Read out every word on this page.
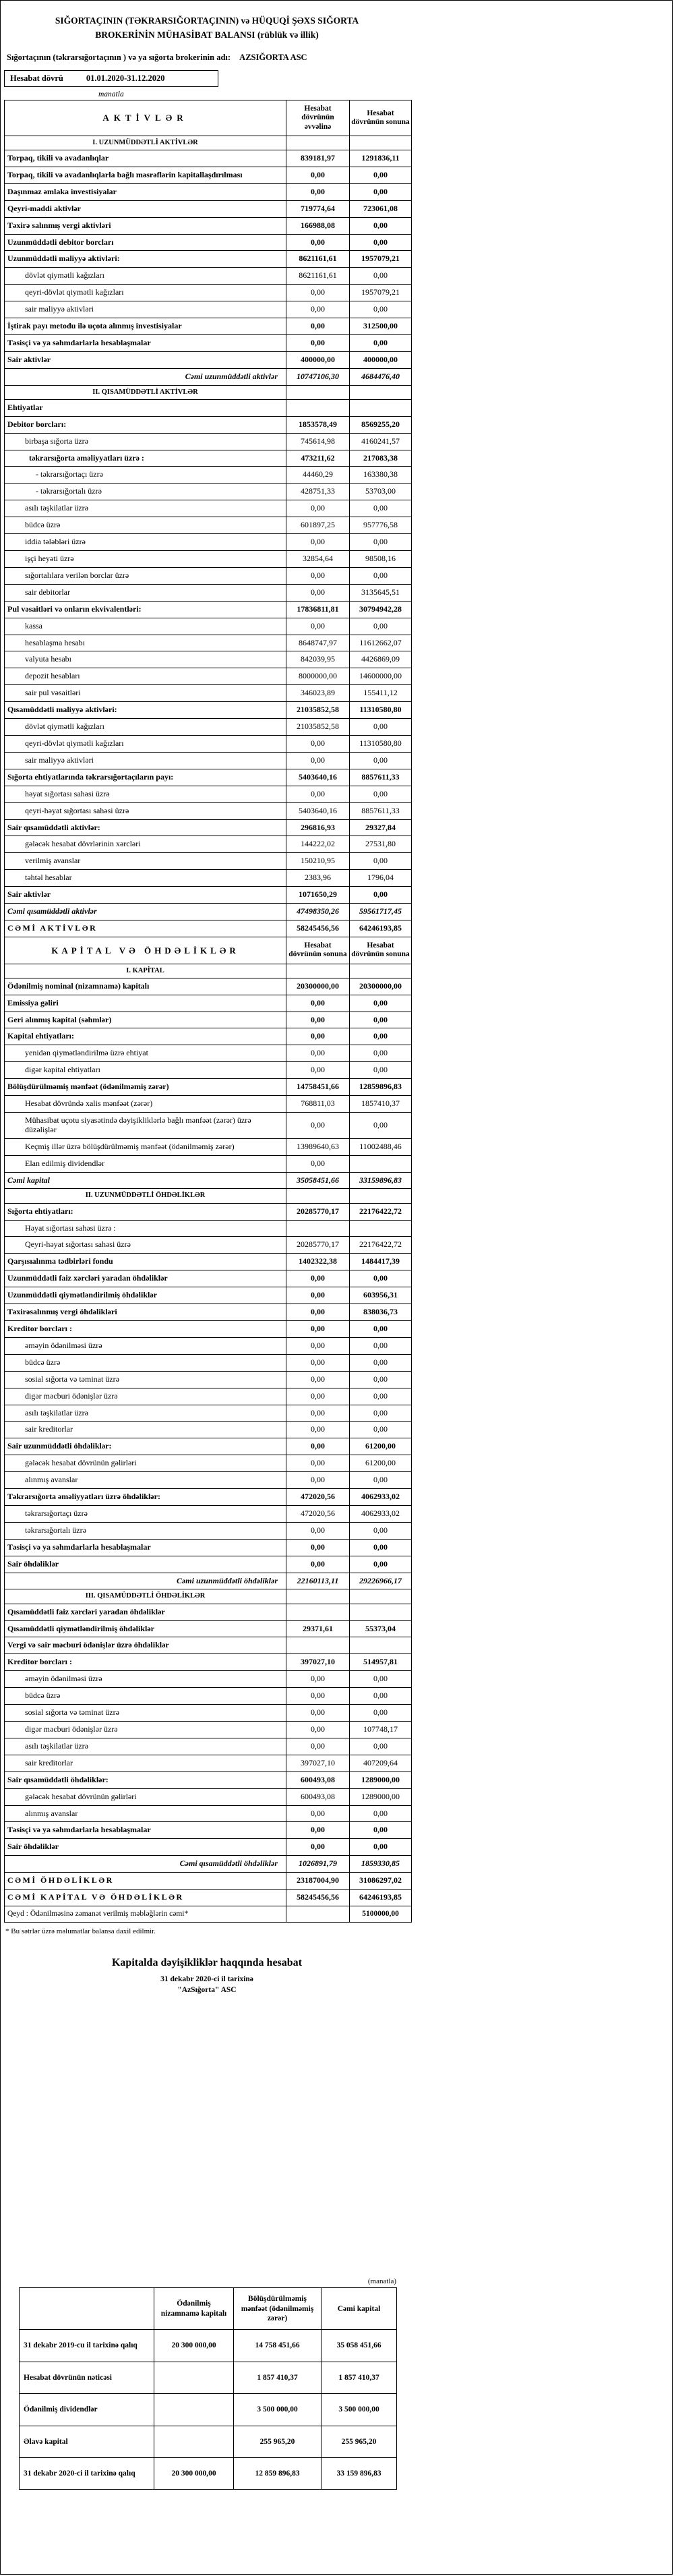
SIĞORTAÇININ (TƏKRARSIĞORTAÇININ) və HÜQUQİ ŞƏXS SIĞORTA
BROKERİNİN MÜHASİBAT BALANSI (rüblük və illik)
Sığortaçının (təkrarsığortaçının ) və ya sığorta brokerinin adı: AZSIĞORTA ASC
Hesabat dövrü	01.01.2020-31.12.2020
manatla
AKTİVLƏR	Hesabat dövrünün əvvəlinə	Hesabat dövrünün sonuna
I. UZUNMÜDDƏTLİ AKTİVLƏR		
Torpaq, tikili və avadanlıqlar	839181,97	1291836,11
Torpaq, tikili və avadanlıqlarla bağlı məsrəflərin kapitallaşdırılması	0,00	0,00
Daşınmaz əmlaka investisiyalar	0,00	0,00
Qeyri-maddi aktivlər	719774,64	723061,08
Təxirə salınmış vergi aktivləri	166988,08	0,00
Uzunmüddətli debitor borcları	0,00	0,00
Uzunmüddətli maliyyə aktivləri:	8621161,61	1957079,21
dövlət qiymətli kağızları	8621161,61	0,00
qeyri-dövlət qiymətli kağızları	0,00	1957079,21
sair maliyyə aktivləri	0,00	0,00
İştirak payı metodu ilə uçota alınmış investisiyalar	0,00	312500,00
Təsisçi və ya səhmdarlarla hesablaşmalar	0,00	0,00
Sair aktivlər	400000,00	400000,00
Cəmi uzunmüddətli aktivlər	10747106,30	4684476,40
II. QISAMÜDDƏTLİ AKTİVLƏR		
Ehtiyatlar		
Debitor borcları:	1853578,49	8569255,20
birbaşa sığorta üzrə	745614,98	4160241,57
təkrarsığorta əməliyyatları üzrə :	473211,62	217083,38
- təkrarsığortaçı üzrə	44460,29	163380,38
- təkrarsığortalı üzrə	428751,33	53703,00
asılı təşkilatlar üzrə	0,00	0,00
büdcə üzrə	601897,25	957776,58
iddia tələbləri üzrə	0,00	0,00
işçi heyəti üzrə	32854,64	98508,16
sığortalılara verilən borclar üzrə	0,00	0,00
sair debitorlar	0,00	3135645,51
Pul vəsaitləri və onların ekvivalentləri:	17836811,81	30794942,28
kassa	0,00	0,00
hesablaşma hesabı	8648747,97	11612662,07
valyuta hesabı	842039,95	4426869,09
depozit hesabları	8000000,00	14600000,00
sair pul vəsaitləri	346023,89	155411,12
Qısamüddətli maliyyə aktivləri:	21035852,58	11310580,80
dövlət qiymətli kağızları	21035852,58	0,00
qeyri-dövlət qiymətli kağızları	0,00	11310580,80
sair maliyyə aktivləri	0,00	0,00
Sığorta ehtiyatlarında təkrarsığortaçıların payı:	5403640,16	8857611,33
həyat sığortası sahəsi üzrə	0,00	0,00
qeyri-həyat sığortası sahəsi üzrə	5403640,16	8857611,33
Sair qısamüddətli aktivlər:	296816,93	29327,84
gələcək hesabat dövrlərinin xərcləri	144222,02	27531,80
verilmiş avanslar	150210,95	0,00
təhtəl hesablar	2383,96	1796,04
Sair aktivlər	1071650,29	0,00
Cəmi qısamüddətli aktivlər	47498350,26	59561717,45
CƏMİ AKTİVLƏR	58245456,56	64246193,85
KAPİTAL VƏ ÖHDƏLİKLƏR	Hesabat dövrünün sonuna	Hesabat dövrünün sonuna
I. KAPİTAL		
Ödənilmiş nominal (nizamnamə) kapitalı	20300000,00	20300000,00
Emissiya gəliri	0,00	0,00
Geri alınmış kapital (səhmlər)	0,00	0,00
Kapital ehtiyatları:	0,00	0,00
yenidən qiymətləndirilmə üzrə ehtiyat	0,00	0,00
digər kapital ehtiyatları	0,00	0,00
Bölüşdürülməmiş mənfəət (ödənilməmiş zərər)	14758451,66	12859896,83
Hesabat dövründə xalis mənfəət (zərər)	768811,03	1857410,37
Mühasibat uçotu siyasətində dəyişikliklərlə bağlı mənfəət (zərər) üzrə düzəlişlər	0,00	0,00
Keçmiş illər üzrə bölüşdürülməmiş mənfəət (ödənilməmiş zərər)	13989640,63	11002488,46
Elan edilmiş dividendlər	0,00	
Cəmi kapital	35058451,66	33159896,83
II. UZUNMÜDDƏTLİ ÖHDƏLİKLƏR		
Sığorta ehtiyatları:	20285770,17	22176422,72
Həyat sığortası sahəsi üzrə :		
Qeyri-həyat sığortası sahəsi üzrə	20285770,17	22176422,72
Qarşısıalınma tədbirləri fondu	1402322,38	1484417,39
Uzunmüddətli faiz xərcləri yaradan öhdəliklər	0,00	0,00
Uzunmüddətli qiymətləndirilmiş öhdəliklər	0,00	603956,31
Təxirəsalınmış vergi öhdəlikləri	0,00	838036,73
Kreditor borcları :	0,00	0,00
əməyin ödənilməsi üzrə	0,00	0,00
büdcə üzrə	0,00	0,00
sosial sığorta və təminat üzrə	0,00	0,00
digər məcburi ödənişlər üzrə	0,00	0,00
asılı təşkilatlar üzrə	0,00	0,00
sair kreditorlar	0,00	0,00
Sair uzunmüddətli öhdəliklər:	0,00	61200,00
gələcək hesabat dövrünün gəlirləri	0,00	61200,00
alınmış avanslar	0,00	0,00
Təkrarsığorta əməliyyatları üzrə öhdəliklər:	472020,56	4062933,02
təkrarsığortaçı üzrə	472020,56	4062933,02
təkrarsığortalı üzrə	0,00	0,00
Təsisçi və ya səhmdarlarla hesablaşmalar	0,00	0,00
Sair öhdəliklər	0,00	0,00
Cəmi uzunmüddətli öhdəliklər	22160113,11	29226966,17
III. QISAMÜDDƏTLİ ÖHDƏLİKLƏR		
Qısamüddətli faiz xərcləri yaradan öhdəliklər		
Qısamüddətli qiymətləndirilmiş öhdəliklər	29371,61	55373,04
Vergi və sair məcburi ödənişlər üzrə öhdəliklər		
Kreditor borcları :	397027,10	514957,81
əməyin ödənilməsi üzrə	0,00	0,00
büdcə üzrə	0,00	0,00
sosial sığorta və təminat üzrə	0,00	0,00
digər məcburi ödənişlər üzrə	0,00	107748,17
asılı təşkilatlar üzrə	0,00	0,00
sair kreditorlar	397027,10	407209,64
Sair qısamüddətli öhdəliklər:	600493,08	1289000,00
gələcək hesabat dövrünün gəlirləri	600493,08	1289000,00
alınmış avanslar	0,00	0,00
Təsisçi və ya səhmdarlarla hesablaşmalar	0,00	0,00
Sair öhdəliklər	0,00	0,00
Cəmi qısamüddətli öhdəliklər	1026891,79	1859330,85
CƏMİ ÖHDƏLİKLƏR	23187004,90	31086297,02
CƏMİ KAPİTAL VƏ ÖHDƏLİKLƏR	58245456,56	64246193,85
Qeyd : Ödənilməsinə zəmanət verilmiş məbləğlərin cəmi*		5100000,00
* Bu sətrlər üzrə məlumatlar balansa daxil edilmir.
Kapitalda dəyişikliklər haqqında hesabat
31 dekabr 2020-ci il tarixinə
"AzSığorta" ASC
(manatla)
	Ödənilmiş nizamnamə kapitalı	Bölüşdürülməmiş mənfəət (ödənilməmiş zərər)	Cəmi kapital
31 dekabr 2019-cu il tarixinə qalıq	20 300 000,00	14 758 451,66	35 058 451,66
Hesabat dövrünün nəticəsi		1 857 410,37	1 857 410,37
Ödənilmiş dividendlər		3 500 000,00	3 500 000,00
Əlavə kapital		255 965,20	255 965,20
31 dekabr 2020-ci il tarixinə qalıq	20 300 000,00	12 859 896,83	33 159 896,83
